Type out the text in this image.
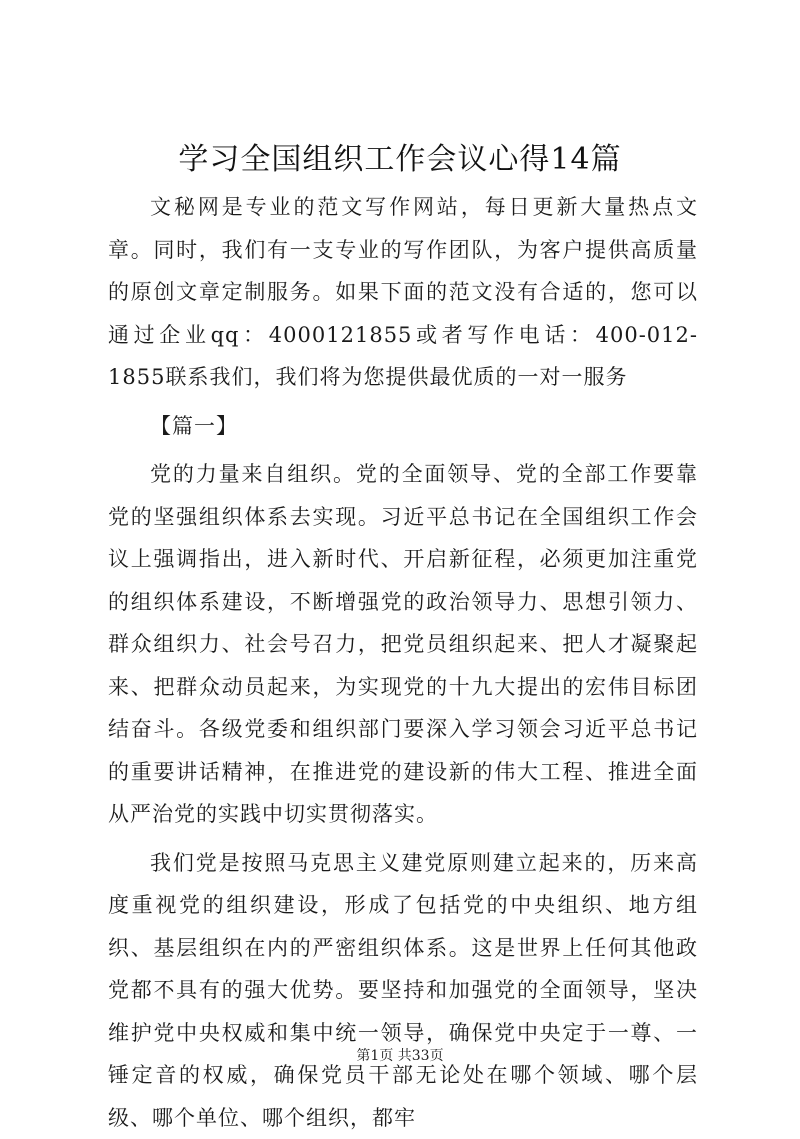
学习全国组织工作会议心得14篇

文秘网是专业的范文写作网站，每日更新大量热点文章。同时，我们有一支专业的写作团队，为客户提供高质量的原创文章定制服务。如果下面的范文没有合适的，您可以通过企业qq：4000121855或者写作电话：400-012-1855联系我们，我们将为您提供最优质的一对一服务

【篇一】

党的力量来自组织。党的全面领导、党的全部工作要靠党的坚强组织体系去实现。习近平总书记在全国组织工作会议上强调指出，进入新时代、开启新征程，必须更加注重党的组织体系建设，不断增强党的政治领导力、思想引领力、群众组织力、社会号召力，把党员组织起来、把人才凝聚起来、把群众动员起来，为实现党的十九大提出的宏伟目标团结奋斗。各级党委和组织部门要深入学习领会习近平总书记的重要讲话精神，在推进党的建设新的伟大工程、推进全面从严治党的实践中切实贯彻落实。

我们党是按照马克思主义建党原则建立起来的，历来高度重视党的组织建设，形成了包括党的中央组织、地方组织、基层组织在内的严密组织体系。这是世界上任何其他政党都不具有的强大优势。要坚持和加强党的全面领导，坚决维护党中央权威和集中统一领导，确保党中央定于一尊、一锤定音的权威，确保党员干部无论处在哪个领域、哪个层级、哪个单位、哪个组织，都牢

第1页 共33页
